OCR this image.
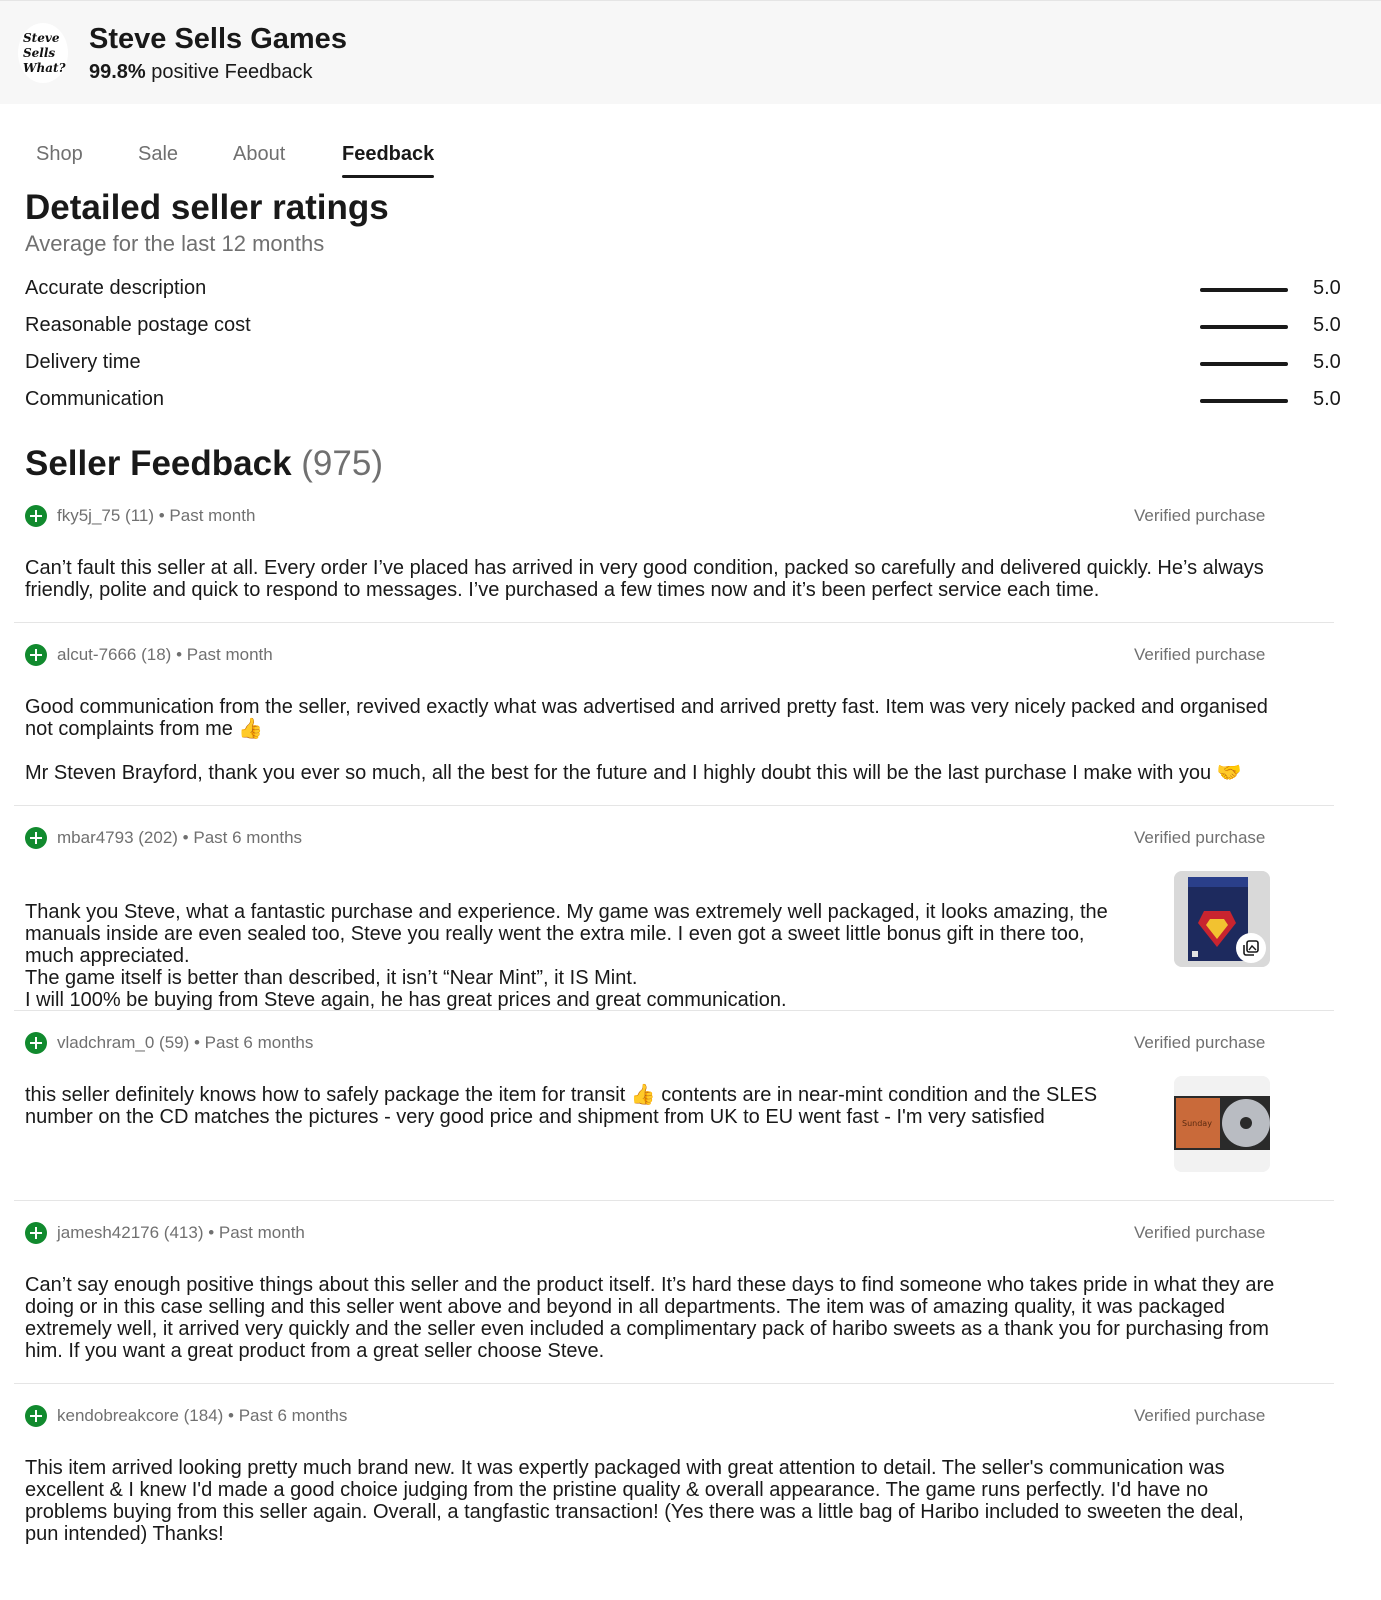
Steve
Sells
What?
Steve Sells Games
99.8% positive Feedback
Shop	Sale	About	Feedback
Detailed seller ratings
Average for the last 12 months
Accurate description	5.0
Reasonable postage cost	5.0
Delivery time	5.0
Communication	5.0
Seller Feedback (975)
fky5j_75 (11) • Past month	Verified purchase

Can’t fault this seller at all. Every order I’ve placed has arrived in very good condition, packed so carefully and delivered quickly. He’s always friendly, polite and quick to respond to messages. I’ve purchased a few times now and it’s been perfect service each time.

alcut-7666 (18) • Past month	Verified purchase

Good communication from the seller, revived exactly what was advertised and arrived pretty fast. Item was very nicely packed and organised not complaints from me 👍

Mr Steven Brayford, thank you ever so much, all the best for the future and I highly doubt this will be the last purchase I make with you 🤝

mbar4793 (202) • Past 6 months	Verified purchase

Thank you Steve, what a fantastic purchase and experience. My game was extremely well packaged, it looks amazing, the manuals inside are even sealed too, Steve you really went the extra mile. I even got a sweet little bonus gift in there too, much appreciated.
The game itself is better than described, it isn’t “Near Mint”, it IS Mint.
I will 100% be buying from Steve again, he has great prices and great communication.

vladchram_0 (59) • Past 6 months	Verified purchase

this seller definitely knows how to safely package the item for transit 👍 contents are in near-mint condition and the SLES number on the CD matches the pictures - very good price and shipment from UK to EU went fast - I'm very satisfied	Sunday
jamesh42176 (413) • Past month	Verified purchase

Can’t say enough positive things about this seller and the product itself. It’s hard these days to find someone who takes pride in what they are doing or in this case selling and this seller went above and beyond in all departments. The item was of amazing quality, it was packaged extremely well, it arrived very quickly and the seller even included a complimentary pack of haribo sweets as a thank you for purchasing from him. If you want a great product from a great seller choose Steve.

kendobreakcore (184) • Past 6 months	Verified purchase

This item arrived looking pretty much brand new. It was expertly packaged with great attention to detail. The seller's communication was excellent & I knew I'd made a good choice judging from the pristine quality & overall appearance. The game runs perfectly. I'd have no problems buying from this seller again. Overall, a tangfastic transaction! (Yes there was a little bag of Haribo included to sweeten the deal, pun intended) Thanks!
